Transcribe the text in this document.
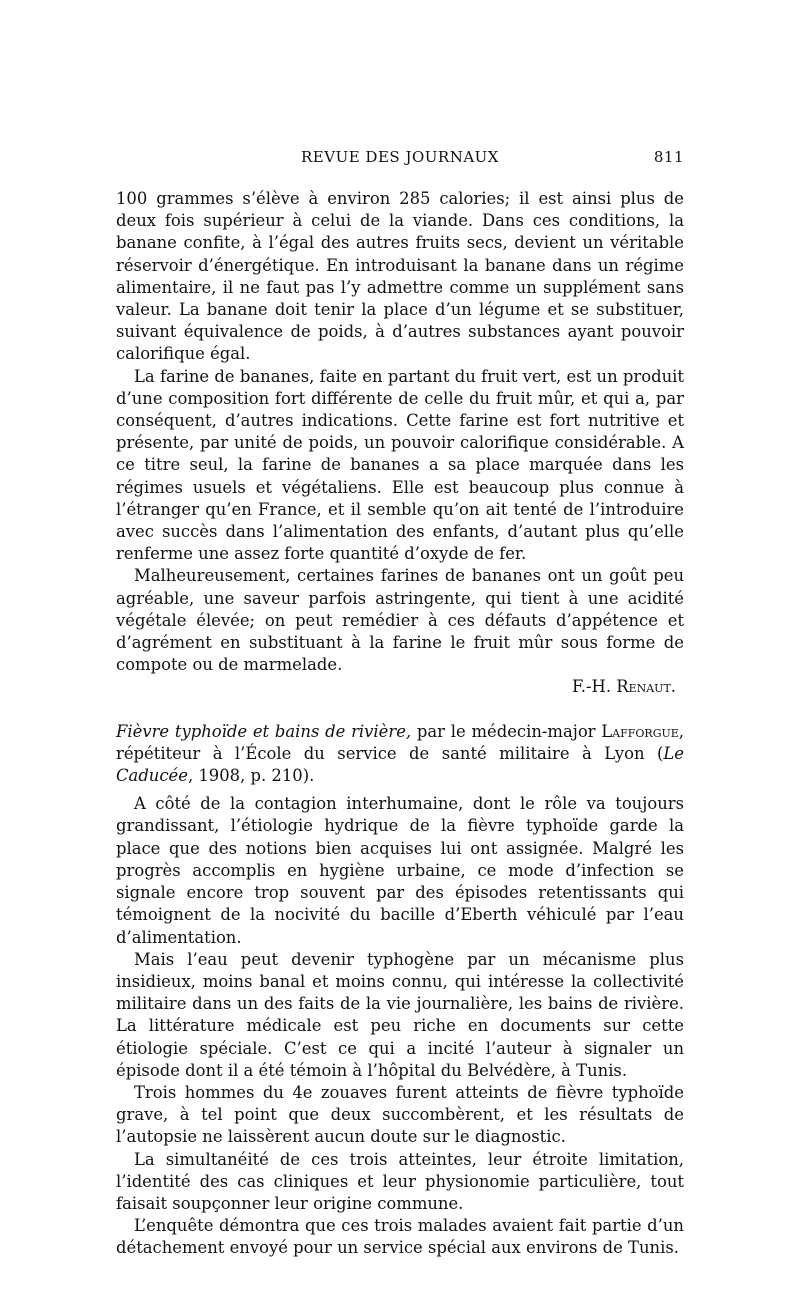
REVUE DES JOURNAUX	811

100 grammes s’élève à environ 285 calories; il est ainsi plus de deux fois supérieur à celui de la viande. Dans ces conditions, la banane confite, à l’égal des autres fruits secs, devient un véritable réservoir d’énergétique. En introduisant la banane dans un régime alimentaire, il ne faut pas l’y admettre comme un supplément sans valeur. La banane doit tenir la place d’un légume et se substituer, suivant équivalence de poids, à d’autres substances ayant pouvoir calorifique égal.

La farine de bananes, faite en partant du fruit vert, est un produit d’une composition fort différente de celle du fruit mûr, et qui a, par conséquent, d’autres indications. Cette farine est fort nutritive et présente, par unité de poids, un pouvoir calorifique considérable. A ce titre seul, la farine de bananes a sa place marquée dans les régimes usuels et végétaliens. Elle est beaucoup plus connue à l’étranger qu’en France, et il semble qu’on ait tenté de l’introduire avec succès dans l’alimentation des enfants, d’autant plus qu’elle renferme une assez forte quantité d’oxyde de fer.

Malheureusement, certaines farines de bananes ont un goût peu agréable, une saveur parfois astringente, qui tient à une acidité végétale élevée; on peut remédier à ces défauts d’appétence et d’agrément en substituant à la farine le fruit mûr sous forme de compote ou de marmelade.

F.-H. Renaut.

Fièvre typhoïde et bains de rivière, par le médecin-major Lafforgue, répétiteur à l’École du service de santé militaire à Lyon (Le Caducée, 1908, p. 210).

A côté de la contagion interhumaine, dont le rôle va toujours grandissant, l’étiologie hydrique de la fièvre typhoïde garde la place que des notions bien acquises lui ont assignée. Malgré les progrès accomplis en hygiène urbaine, ce mode d’infection se signale encore trop souvent par des épisodes retentissants qui témoignent de la nocivité du bacille d’Eberth véhiculé par l’eau d’alimentation.

Mais l’eau peut devenir typhogène par un mécanisme plus insidieux, moins banal et moins connu, qui intéresse la collectivité militaire dans un des faits de la vie journalière, les bains de rivière. La littérature médicale est peu riche en documents sur cette étiologie spéciale. C’est ce qui a incité l’auteur à signaler un épisode dont il a été témoin à l’hôpital du Belvédère, à Tunis.

Trois hommes du 4e zouaves furent atteints de fièvre typhoïde grave, à tel point que deux succombèrent, et les résultats de l’autopsie ne laissèrent aucun doute sur le diagnostic.

La simultanéité de ces trois atteintes, leur étroite limitation, l’identité des cas cliniques et leur physionomie particulière, tout faisait soupçonner leur origine commune.

L’enquête démontra que ces trois malades avaient fait partie d’un détachement envoyé pour un service spécial aux environs de Tunis.
